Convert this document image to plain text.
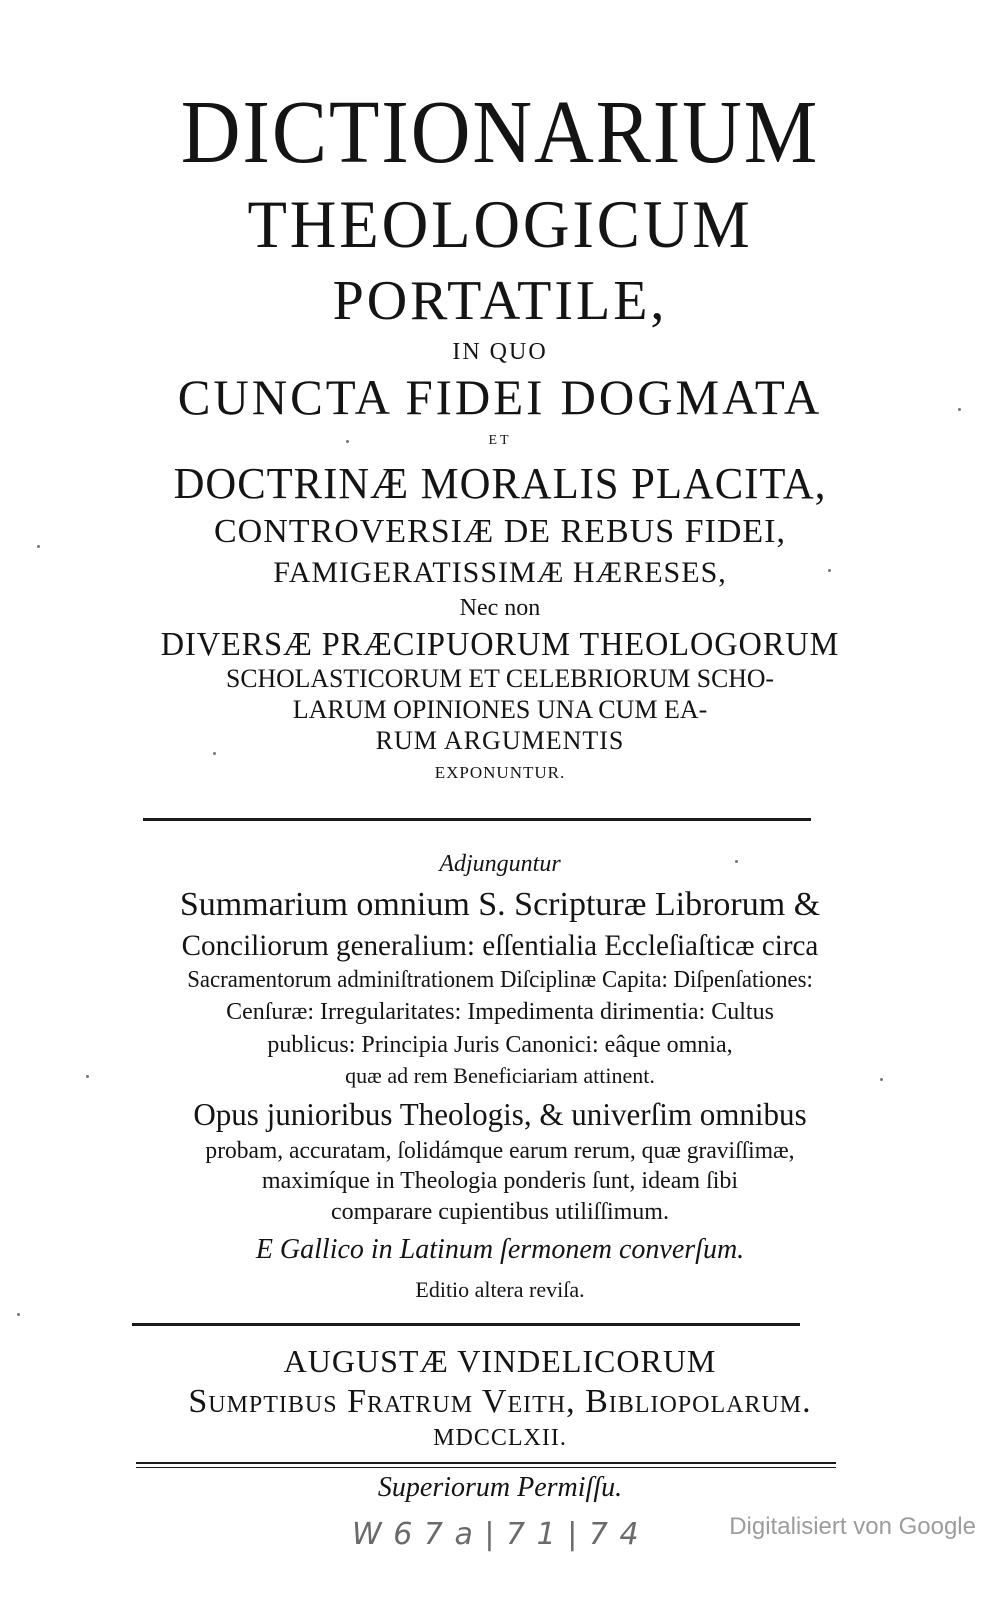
DICTIONARIUM
THEOLOGICUM
PORTATILE,
IN QUO
CUNCTA FIDEI DOGMATA
ET
DOCTRINÆ MORALIS PLACITA,
CONTROVERSIÆ DE REBUS FIDEI,
FAMIGERATISSIMÆ HÆRESES,
Nec non
DIVERSÆ PRÆCIPUORUM THEOLOGORUM
SCHOLASTICORUM ET CELEBRIORUM SCHO-
LARUM OPINIONES UNA CUM EA-
RUM ARGUMENTIS
EXPONUNTUR.
Adjunguntur
Summarium omnium S. Scripturæ Librorum &
Conciliorum generalium: eſſentialia Eccleſiaſticæ circa
Sacramentorum adminiſtrationem Diſciplinæ Capita: Diſpenſationes:
Cenſuræ: Irregularitates: Impedimenta dirimentia: Cultus
publicus: Principia Juris Canonici: eâque omnia,
quæ ad rem Beneficiariam attinent.
Opus junioribus Theologis, & univerſim omnibus
probam, accuratam, ſolidámque earum rerum, quæ graviſſimæ,
maximíque in Theologia ponderis ſunt, ideam ſibi
comparare cupientibus utiliſſimum.
E Gallico in Latinum ſermonem converſum.
Editio altera reviſa.
AUGUSTÆ VINDELICORUM
Sumptibus Fratrum Veith, Bibliopolarum.
MDCCLXII.
Superiorum Permiſſu.
W 6 7 a | 7 1 | 7 4	Digitalisiert von Google
